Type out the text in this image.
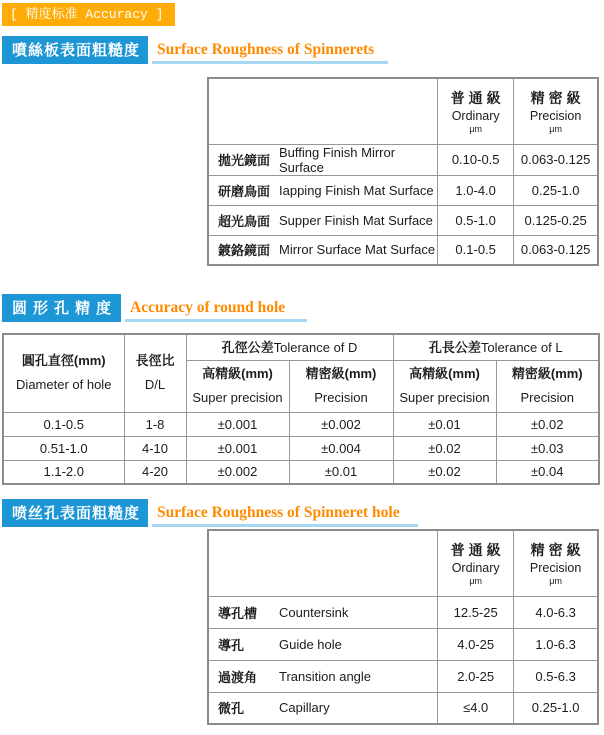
[ 精度标准 Accuracy ]
噴絲板表面粗糙度	Surface Roughness of Spinnerets

普通級
Ordinary
μm

精密級
Precision
μm

拋光鏡面
Buffing Finish Mirror Surface	0.10-0.5	0.063-0.125

研磨鳥面 Iapping Finish Mat Surface	1.0-4.0	0.25-1.0

超光鳥面 Supper Finish Mat Surface	0.5-1.0	0.125-0.25

鍍鉻鏡面 Mirror Surface Mat Surface	0.1-0.5	0.063-0.125
圆形孔精度 Accuracy of round hole
圓孔直徑(mm)
Diameter of hole

長徑比
D/L
	孔徑公差Tolerance of D	孔長公差Tolerance of L

高精級(mm)
Super precision

精密級(mm)
Precision

高精級(mm)
Super precision

精密級(mm)
Precision

0.1-0.5	1-8	±0.001	±0.002	±0.01	±0.02
0.51-1.0	4-10	±0.001	±0.004	±0.02	±0.03
1.1-2.0	4-20	±0.002	±0.01	±0.02	±0.04
喷丝孔表面粗糙度	Surface Roughness of Spinneret hole

普通級
Ordinary
μm

精密級
Precision
μm

導孔槽 Countersink	12.5-25	4.0-6.3

導孔 Guide hole	4.0-25	1.0-6.3

過渡角 Transition angle	2.0-25	0.5-6.3

微孔 Capillary	≤4.0	0.25-1.0
